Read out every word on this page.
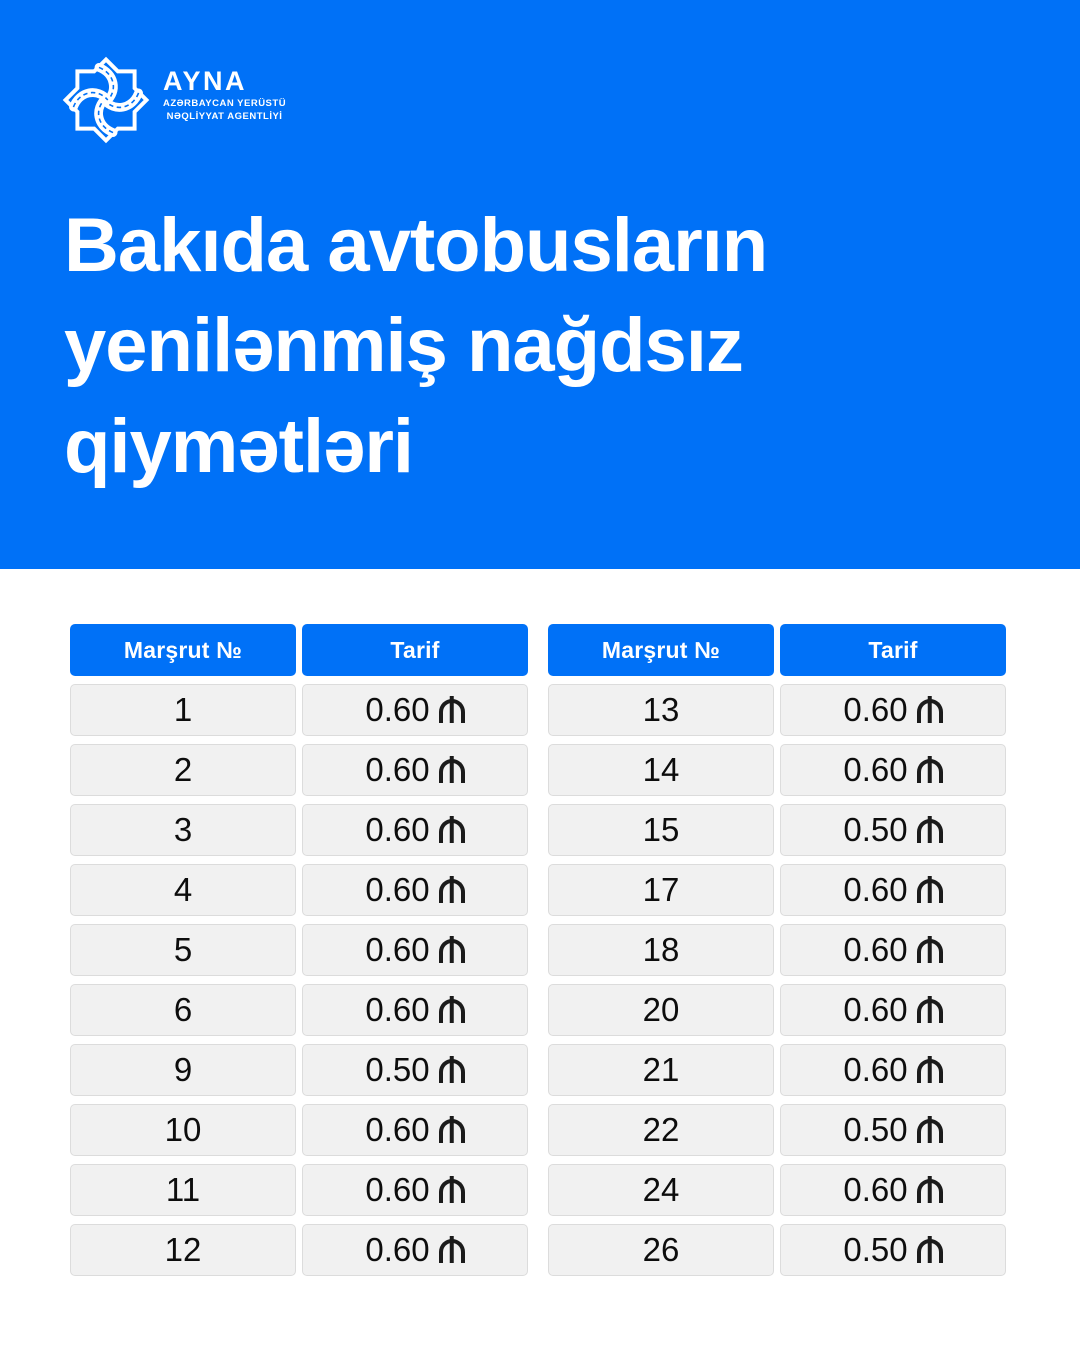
AYNA
AZƏRBAYCAN YERÜSTÜ
NƏQLİYYAT AGENTLİYİ
Bakıda avtobusların
yenilənmiş nağdsız
qiymətləri
Marşrut №	Tarif
1	0.60
2	0.60
3	0.60
4	0.60
5	0.60
6	0.60
9	0.50
10	0.60
11	0.60
12	0.60
Marşrut №	Tarif
13	0.60
14	0.60
15	0.50
17	0.60
18	0.60
20	0.60
21	0.60
22	0.50
24	0.60
26	0.50
